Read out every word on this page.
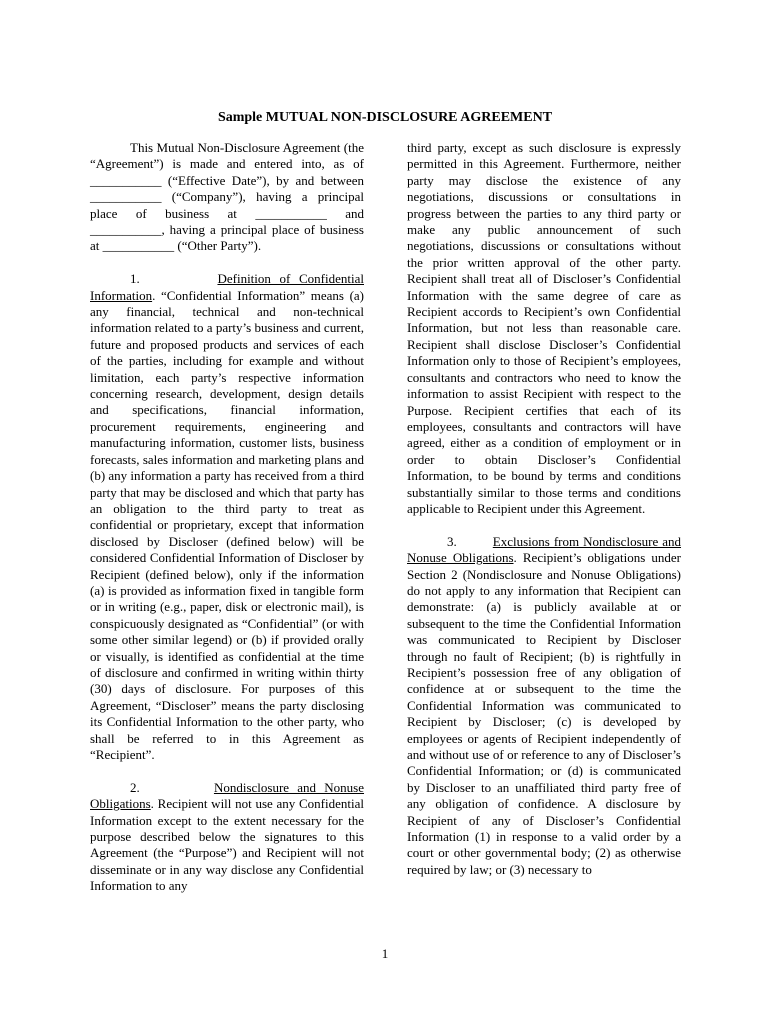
Sample MUTUAL NON-DISCLOSURE AGREEMENT

This Mutual Non-Disclosure Agreement (the “Agreement”) is made and entered into, as of ___________ (“Effective Date”), by and between ___________ (“Company”), having a principal place of business at ___________ and ___________, having a principal place of business at ___________ (“Other Party”).

1.	Definition of Confidential Information. “Confidential Information” means (a) any financial, technical and non-technical information related to a party’s business and current, future and proposed products and services of each of the parties, including for example and without limitation, each party’s respective information concerning research, development, design details and specifications, financial information, procurement requirements, engineering and manufacturing information, customer lists, business forecasts, sales information and marketing plans and (b) any information a party has received from a third party that may be disclosed and which that party has an obligation to the third party to treat as confidential or proprietary, except that information disclosed by Discloser (defined below) will be considered Confidential Information of Discloser by Recipient (defined below), only if the information (a) is provided as information fixed in tangible form or in writing (e.g., paper, disk or electronic mail), is conspicuously designated as “Confidential” (or with some other similar legend) or (b) if provided orally or visually, is identified as confidential at the time of disclosure and confirmed in writing within thirty (30) days of disclosure. For purposes of this Agreement, “Discloser” means the party disclosing its Confidential Information to the other party, who shall be referred to in this Agreement as “Recipient”.

2.	Nondisclosure and Nonuse Obligations. Recipient will not use any Confidential Information except to the extent necessary for the purpose described below the signatures to this Agreement (the “Purpose”) and Recipient will not disseminate or in any way disclose any Confidential Information to any

third party, except as such disclosure is expressly permitted in this Agreement. Furthermore, neither party may disclose the existence of any negotiations, discussions or consultations in progress between the parties to any third party or make any public announcement of such negotiations, discussions or consultations without the prior written approval of the other party. Recipient shall treat all of Discloser’s Confidential Information with the same degree of care as Recipient accords to Recipient’s own Confidential Information, but not less than reasonable care. Recipient shall disclose Discloser’s Confidential Information only to those of Recipient’s employees, consultants and contractors who need to know the information to assist Recipient with respect to the Purpose. Recipient certifies that each of its employees, consultants and contractors will have agreed, either as a condition of employment or in order to obtain Discloser’s Confidential Information, to be bound by terms and conditions substantially similar to those terms and conditions applicable to Recipient under this Agreement.

3.	Exclusions from Nondisclosure and Nonuse Obligations. Recipient’s obligations under Section 2 (Nondisclosure and Nonuse Obligations) do not apply to any information that Recipient can demonstrate: (a) is publicly available at or subsequent to the time the Confidential Information was communicated to Recipient by Discloser through no fault of Recipient; (b) is rightfully in Recipient’s possession free of any obligation of confidence at or subsequent to the time the Confidential Information was communicated to Recipient by Discloser; (c) is developed by employees or agents of Recipient independently of and without use of or reference to any of Discloser’s Confidential Information; or (d) is communicated by Discloser to an unaffiliated third party free of any obligation of confidence. A disclosure by Recipient of any of Discloser’s Confidential Information (1) in response to a valid order by a court or other governmental body; (2) as otherwise required by law; or (3) necessary to

1
